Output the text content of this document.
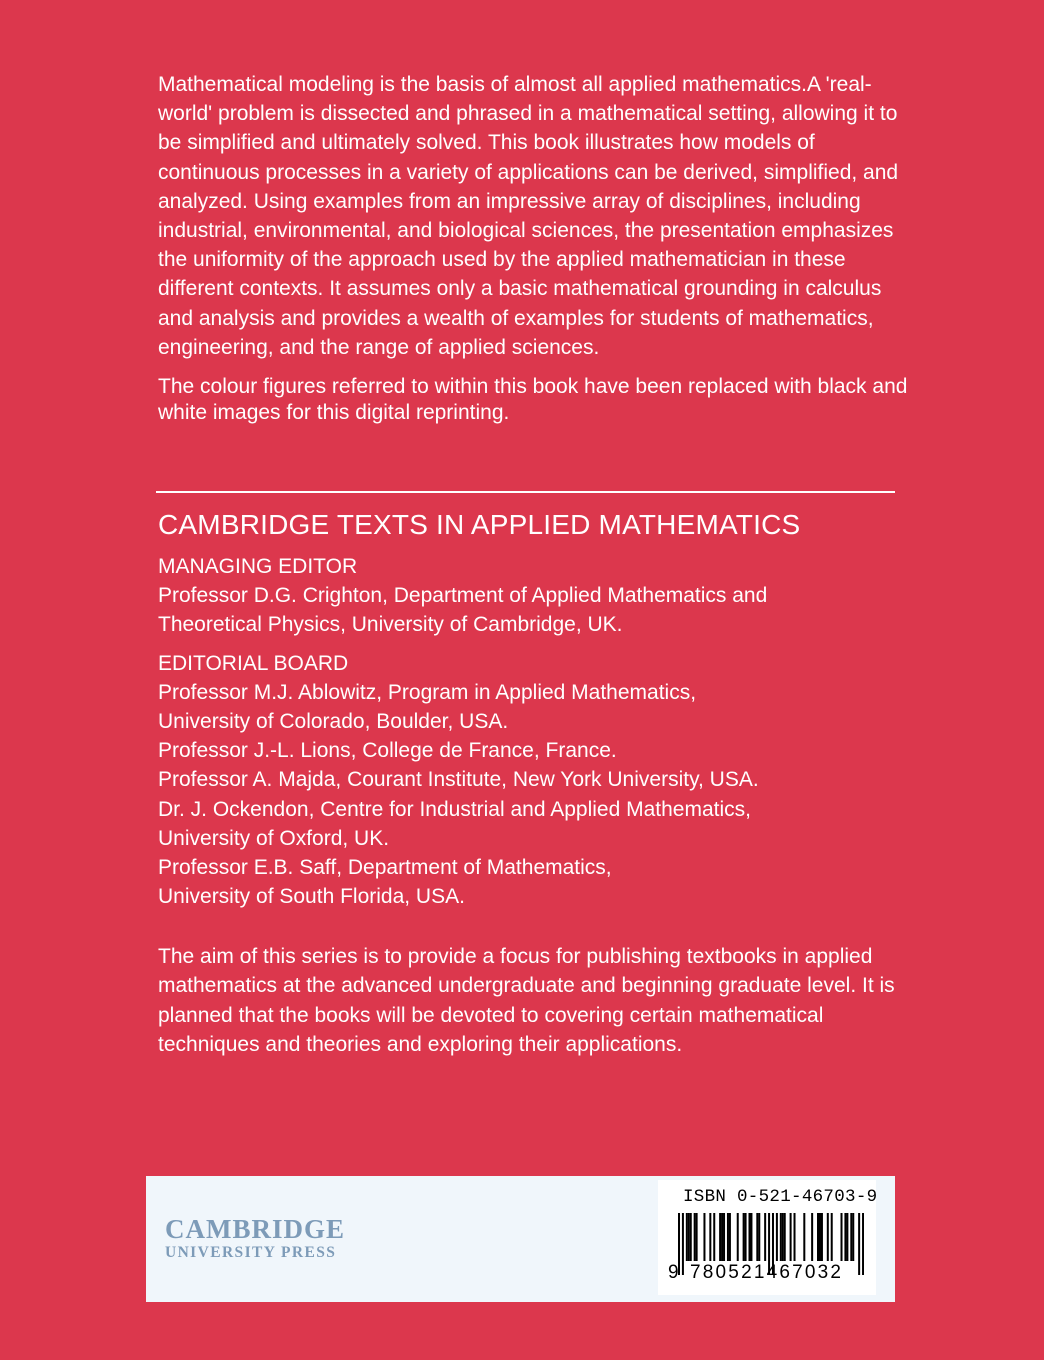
Mathematical modeling is the basis of almost all applied mathematics.A 'real-world' problem is dissected and phrased in a mathematical setting, allowing it to be simplified and ultimately solved. This book illustrates how models of continuous processes in a variety of applications can be derived, simplified, and analyzed. Using examples from an impressive array of disciplines, including industrial, environmental, and biological sciences, the presentation emphasizes the uniformity of the approach used by the applied mathematician in these different contexts. It assumes only a basic mathematical grounding in calculus and analysis and provides a wealth of examples for students of mathematics, engineering, and the range of applied sciences.

The colour figures referred to within this book have been replaced with black and white images for this digital reprinting.

CAMBRIDGE TEXTS IN APPLIED MATHEMATICS
MANAGING EDITOR
Professor D.G. Crighton, Department of Applied Mathematics and
Theoretical Physics, University of Cambridge, UK.
EDITORIAL BOARD
Professor M.J. Ablowitz, Program in Applied Mathematics,
University of Colorado, Boulder, USA.
Professor J.-L. Lions, College de France, France.
Professor A. Majda, Courant Institute, New York University, USA.
Dr. J. Ockendon, Centre for Industrial and Applied Mathematics,
University of Oxford, UK.
Professor E.B. Saff, Department of Mathematics,
University of South Florida, USA.

The aim of this series is to provide a focus for publishing textbooks in applied mathematics at the advanced undergraduate and beginning graduate level. It is planned that the books will be devoted to covering certain mathematical techniques and theories and exploring their applications.

CAMBRIDGE
UNIVERSITY PRESS
ISBN 0-521-46703-9
9 780521467032
